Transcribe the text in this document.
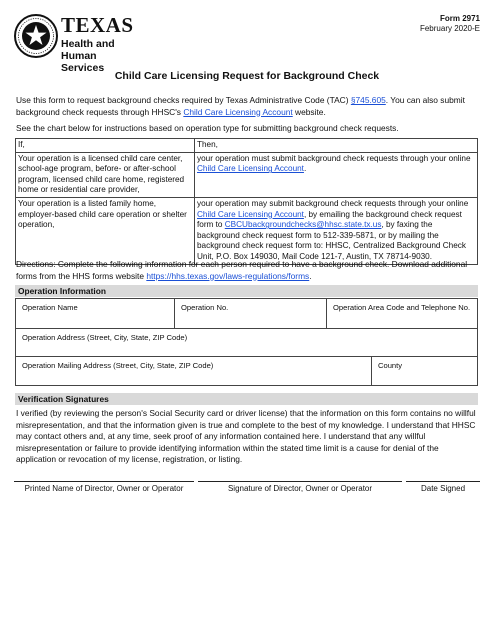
TEXAS
Health and Human
Services
Form 2971
February 2020-E
Child Care Licensing Request for Background Check
Use this form to request background checks required by Texas Administrative Code (TAC) §745.605. You can also submit background check requests through HHSC's Child Care Licensing Account website.
See the chart below for instructions based on operation type for submitting background check requests.
If,	Then,
Your operation is a licensed child care center, school-age program, before- or after-school program, licensed child care home, registered home or residential care provider,	your operation must submit background check requests through your online Child Care Licensing Account.
Your operation is a listed family home, employer-based child care operation or shelter operation,	your operation may submit background check requests through your online Child Care Licensing Account, by emailing the background check request form to CBCUbackgroundchecks@hhsc.state.tx.us, by faxing the background check request form to 512-339-5871, or by mailing the background check request form to: HHSC, Centralized Background Check Unit, P.O. Box 149030, Mail Code 121-7, Austin, TX 78714-9030.
Directions: Complete the following information for each person required to have a background check. Download additional forms from the HHS forms website https://hhs.texas.gov/laws-regulations/forms.
Operation Information
Operation Name	Operation No.	Operation Area Code and Telephone No.
Operation Address (Street, City, State, ZIP Code)
Operation Mailing Address (Street, City, State, ZIP Code)	County
Verification Signatures
I verified (by reviewing the person's Social Security card or driver license) that the information on this form contains no willful misrepresentation, and that the information given is true and complete to the best of my knowledge. I understand that HHSC may contact others and, at any time, seek proof of any information contained here. I understand that any willful misrepresentation or failure to provide identifying information within the stated time limit is a cause for denial of the application or revocation of my license, registration, or listing.
Printed Name of Director, Owner or Operator	Signature of Director, Owner or Operator	Date Signed
